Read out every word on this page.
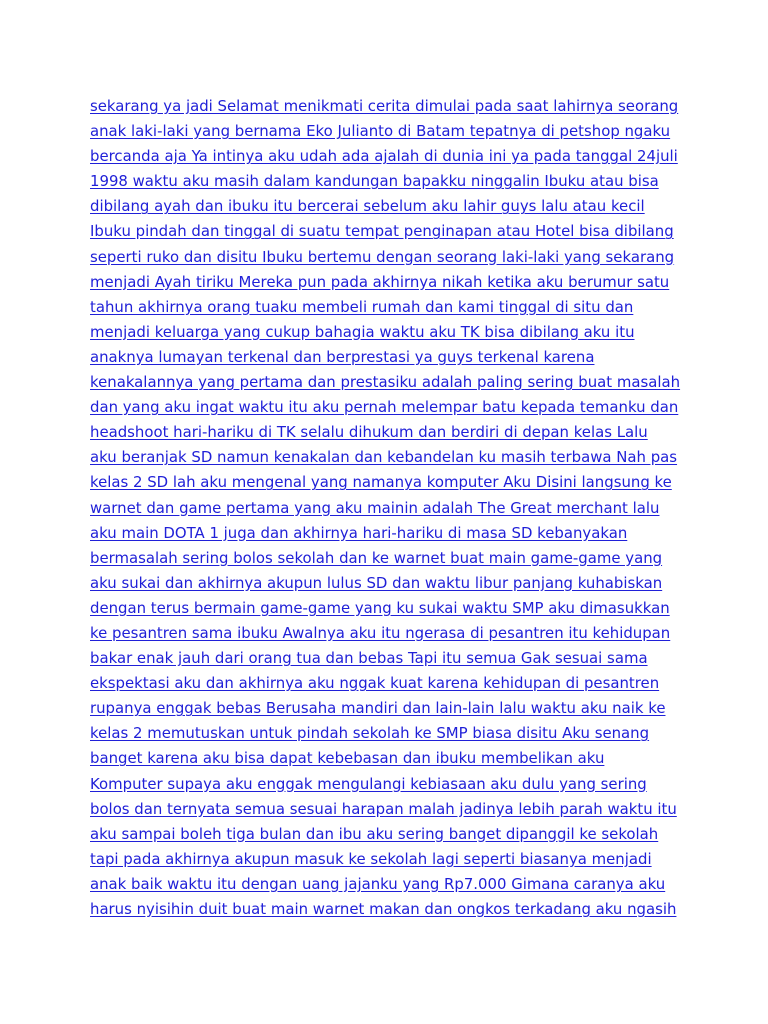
sekarang ya jadi Selamat menikmati cerita dimulai pada saat lahirnya seorang
anak laki-laki yang bernama Eko Julianto di Batam tepatnya di petshop ngaku
bercanda aja Ya intinya aku udah ada ajalah di dunia ini ya pada tanggal 24juli
1998 waktu aku masih dalam kandungan bapakku ninggalin Ibuku atau bisa
dibilang ayah dan ibuku itu bercerai sebelum aku lahir guys lalu atau kecil
Ibuku pindah dan tinggal di suatu tempat penginapan atau Hotel bisa dibilang
seperti ruko dan disitu Ibuku bertemu dengan seorang laki-laki yang sekarang
menjadi Ayah tiriku Mereka pun pada akhirnya nikah ketika aku berumur satu
tahun akhirnya orang tuaku membeli rumah dan kami tinggal di situ dan
menjadi keluarga yang cukup bahagia waktu aku TK bisa dibilang aku itu
anaknya lumayan terkenal dan berprestasi ya guys terkenal karena
kenakalannya yang pertama dan prestasiku adalah paling sering buat masalah
dan yang aku ingat waktu itu aku pernah melempar batu kepada temanku dan
headshoot hari-hariku di TK selalu dihukum dan berdiri di depan kelas Lalu
aku beranjak SD namun kenakalan dan kebandelan ku masih terbawa Nah pas
kelas 2 SD lah aku mengenal yang namanya komputer Aku Disini langsung ke
warnet dan game pertama yang aku mainin adalah The Great merchant lalu
aku main DOTA 1 juga dan akhirnya hari-hariku di masa SD kebanyakan
bermasalah sering bolos sekolah dan ke warnet buat main game-game yang
aku sukai dan akhirnya akupun lulus SD dan waktu libur panjang kuhabiskan
dengan terus bermain game-game yang ku sukai waktu SMP aku dimasukkan
ke pesantren sama ibuku Awalnya aku itu ngerasa di pesantren itu kehidupan
bakar enak jauh dari orang tua dan bebas Tapi itu semua Gak sesuai sama
ekspektasi aku dan akhirnya aku nggak kuat karena kehidupan di pesantren
rupanya enggak bebas Berusaha mandiri dan lain-lain lalu waktu aku naik ke
kelas 2 memutuskan untuk pindah sekolah ke SMP biasa disitu Aku senang
banget karena aku bisa dapat kebebasan dan ibuku membelikan aku
Komputer supaya aku enggak mengulangi kebiasaan aku dulu yang sering
bolos dan ternyata semua sesuai harapan malah jadinya lebih parah waktu itu
aku sampai boleh tiga bulan dan ibu aku sering banget dipanggil ke sekolah
tapi pada akhirnya akupun masuk ke sekolah lagi seperti biasanya menjadi
anak baik waktu itu dengan uang jajanku yang Rp7.000 Gimana caranya aku
harus nyisihin duit buat main warnet makan dan ongkos terkadang aku ngasih
